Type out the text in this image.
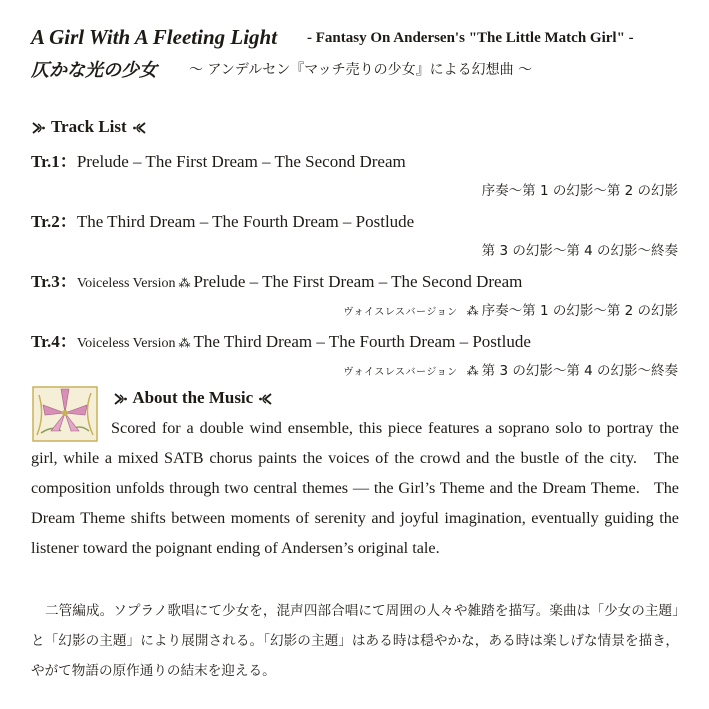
A Girl With A Fleeting Light - Fantasy On Andersen's "The Little Match Girl" -
仄かな光の少女 〜 アンデルセン『マッチ売りの少女』による幻想曲 〜
Track List
Tr.1：Prelude – The First Dream – The Second Dream
序奏〜第 1 の幻影〜第 2 の幻影
Tr.2：The Third Dream – The Fourth Dream – Postlude
第 3 の幻影〜第 4 の幻影〜終奏
Tr.3：Voiceless Version ⁂ Prelude – The First Dream – The Second Dream
ヴォイスレスバージョン ⁂ 序奏〜第 1 の幻影〜第 2 の幻影
Tr.4：Voiceless Version ⁂ The Third Dream – The Fourth Dream – Postlude
ヴォイスレスバージョン ⁂ 第 3 の幻影〜第 4 の幻影〜終奏
About the Music
Scored for a double wind ensemble, this piece features a soprano solo to portray the girl, while a mixed SATB chorus paints the voices of the crowd and the bustle of the city.   The composition unfolds through two central themes — the Girl’s Theme and the Dream Theme.   The Dream Theme shifts between moments of serenity and joyful imagination, eventually guiding the listener toward the poignant ending of Andersen’s original tale.
二管編成。ソプラノ歌唱にて少女を，混声四部合唱にて周囲の人々や雑踏を描写。楽曲は「少女の主題」と「幻影の主題」により展開される。「幻影の主題」はある時は穏やかな，ある時は楽しげな情景を描き，やがて物語の原作通りの結末を迎える。
